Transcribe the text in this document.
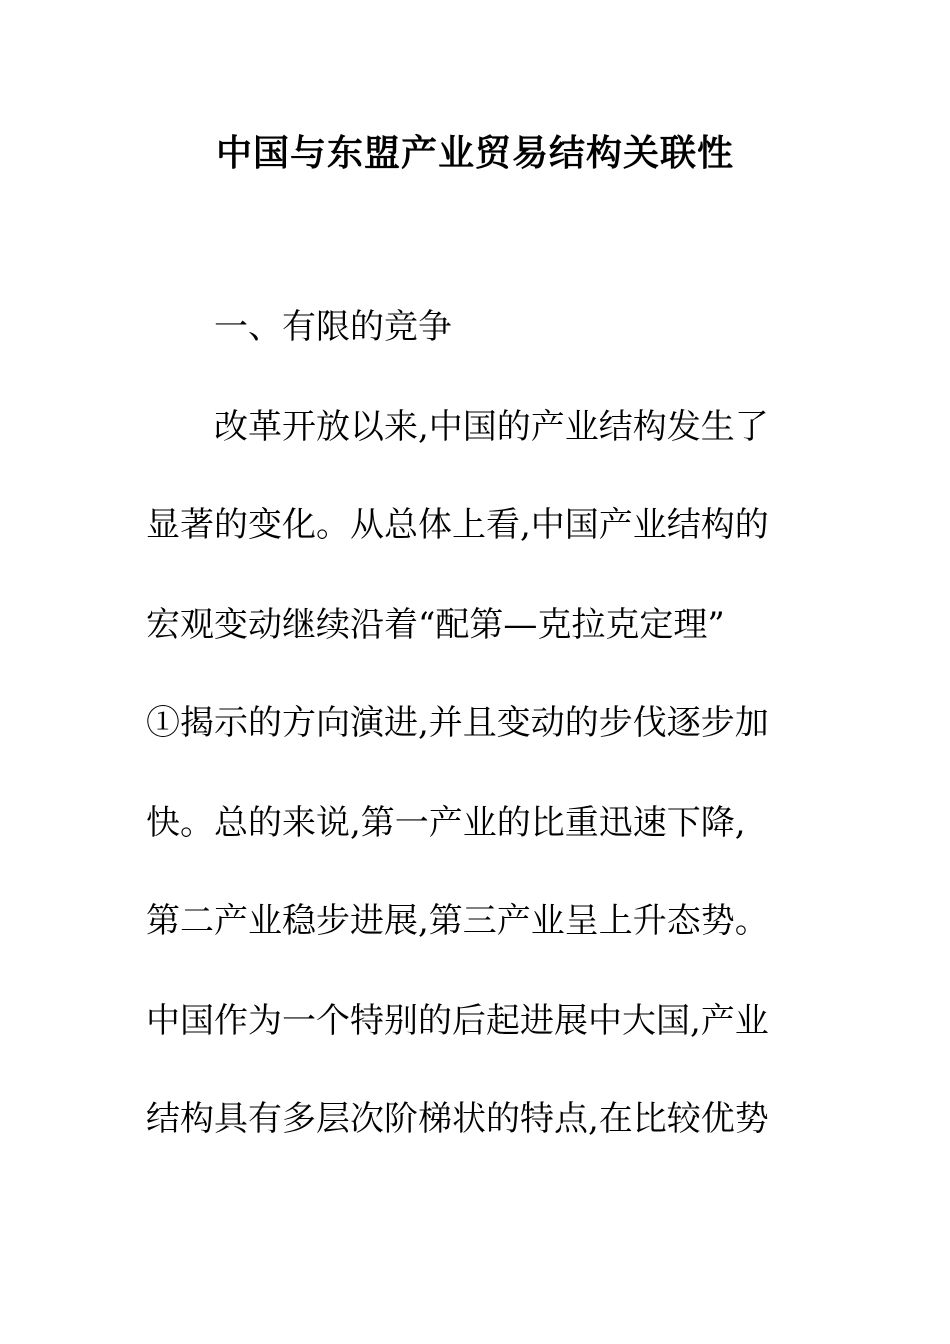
中国与东盟产业贸易结构关联性
一、有限的竞争
改革开放以来,中国的产业结构发生了
显著的变化。从总体上看,中国产业结构的
宏观变动继续沿着“配第—克拉克定理”
①揭示的方向演进,并且变动的步伐逐步加
快。总的来说,第一产业的比重迅速下降,
第二产业稳步进展,第三产业呈上升态势。
中国作为一个特别的后起进展中大国,产业
结构具有多层次阶梯状的特点,在比较优势
